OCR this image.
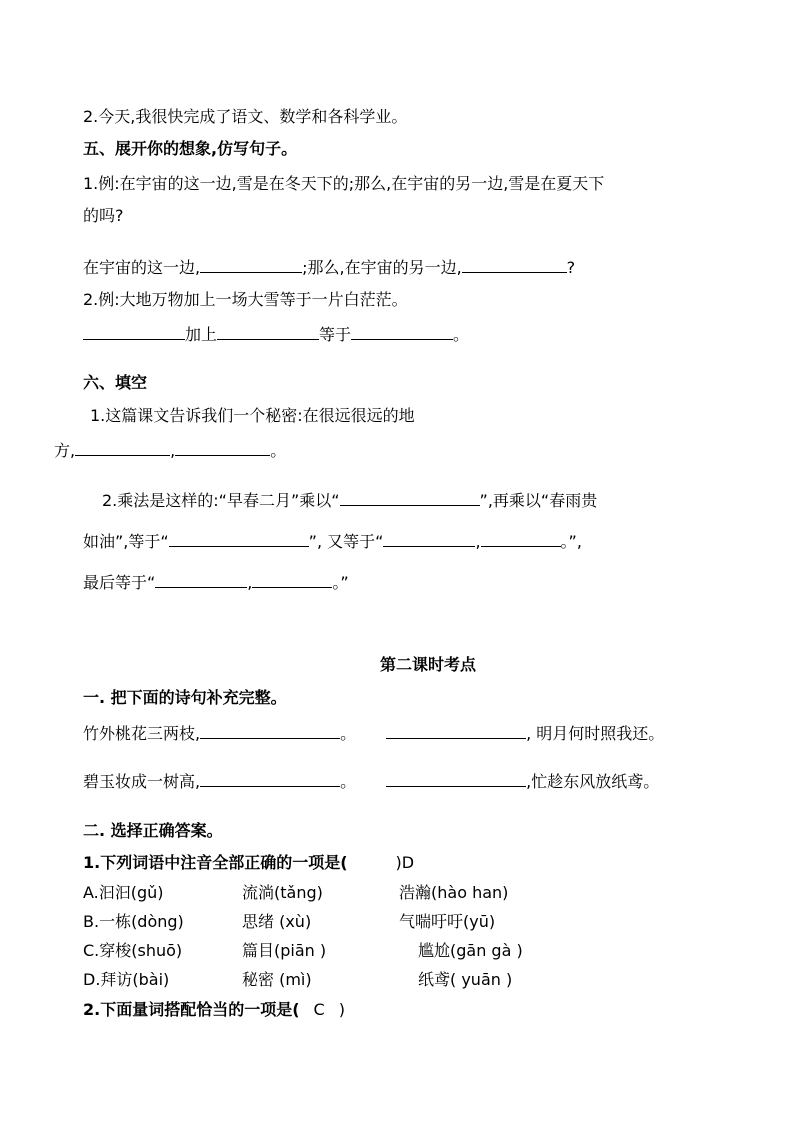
2.今天,我很快完成了语文、数学和各科学业。
五、展开你的想象,仿写句子。
1.例:在宇宙的这一边,雪是在冬天下的;那么,在宇宙的另一边,雪是在夏天下
的吗?
在宇宙的这一边,	;那么,在宇宙的另一边,	?
2.例:大地万物加上一场大雪等于一片白茫茫。
加上	等于	。
六、填空
1.这篇课文告诉我们一个秘密:在很远很远的地
方,	,	。
2.乘法是这样的:“早春二月”乘以“	”,再乘以“春雨贵
如油”,等于“	”, 又等于“	,	。”,
最后等于“	,	。”
第二课时考点
一. 把下面的诗句补充完整。
竹外桃花三两枝,	。	, 明月何时照我还。
碧玉妆成一树高,	。	,忙趁东风放纸鸢。
二. 选择正确答案。
1.下列词语中注音全部正确的一项是(	)D
A.汩汩(gǔ)	流淌(tǎng)	浩瀚(hào han)
B.一栋(dòng)	思绪 (xù)	气喘吁吁(yū)
C.穿梭(shuō)	篇目(piān )	尴尬(gān gà )
D.拜访(bài)	秘密 (mì)	纸鸢( yuān )
2.下面量词搭配恰当的一项是( C )
